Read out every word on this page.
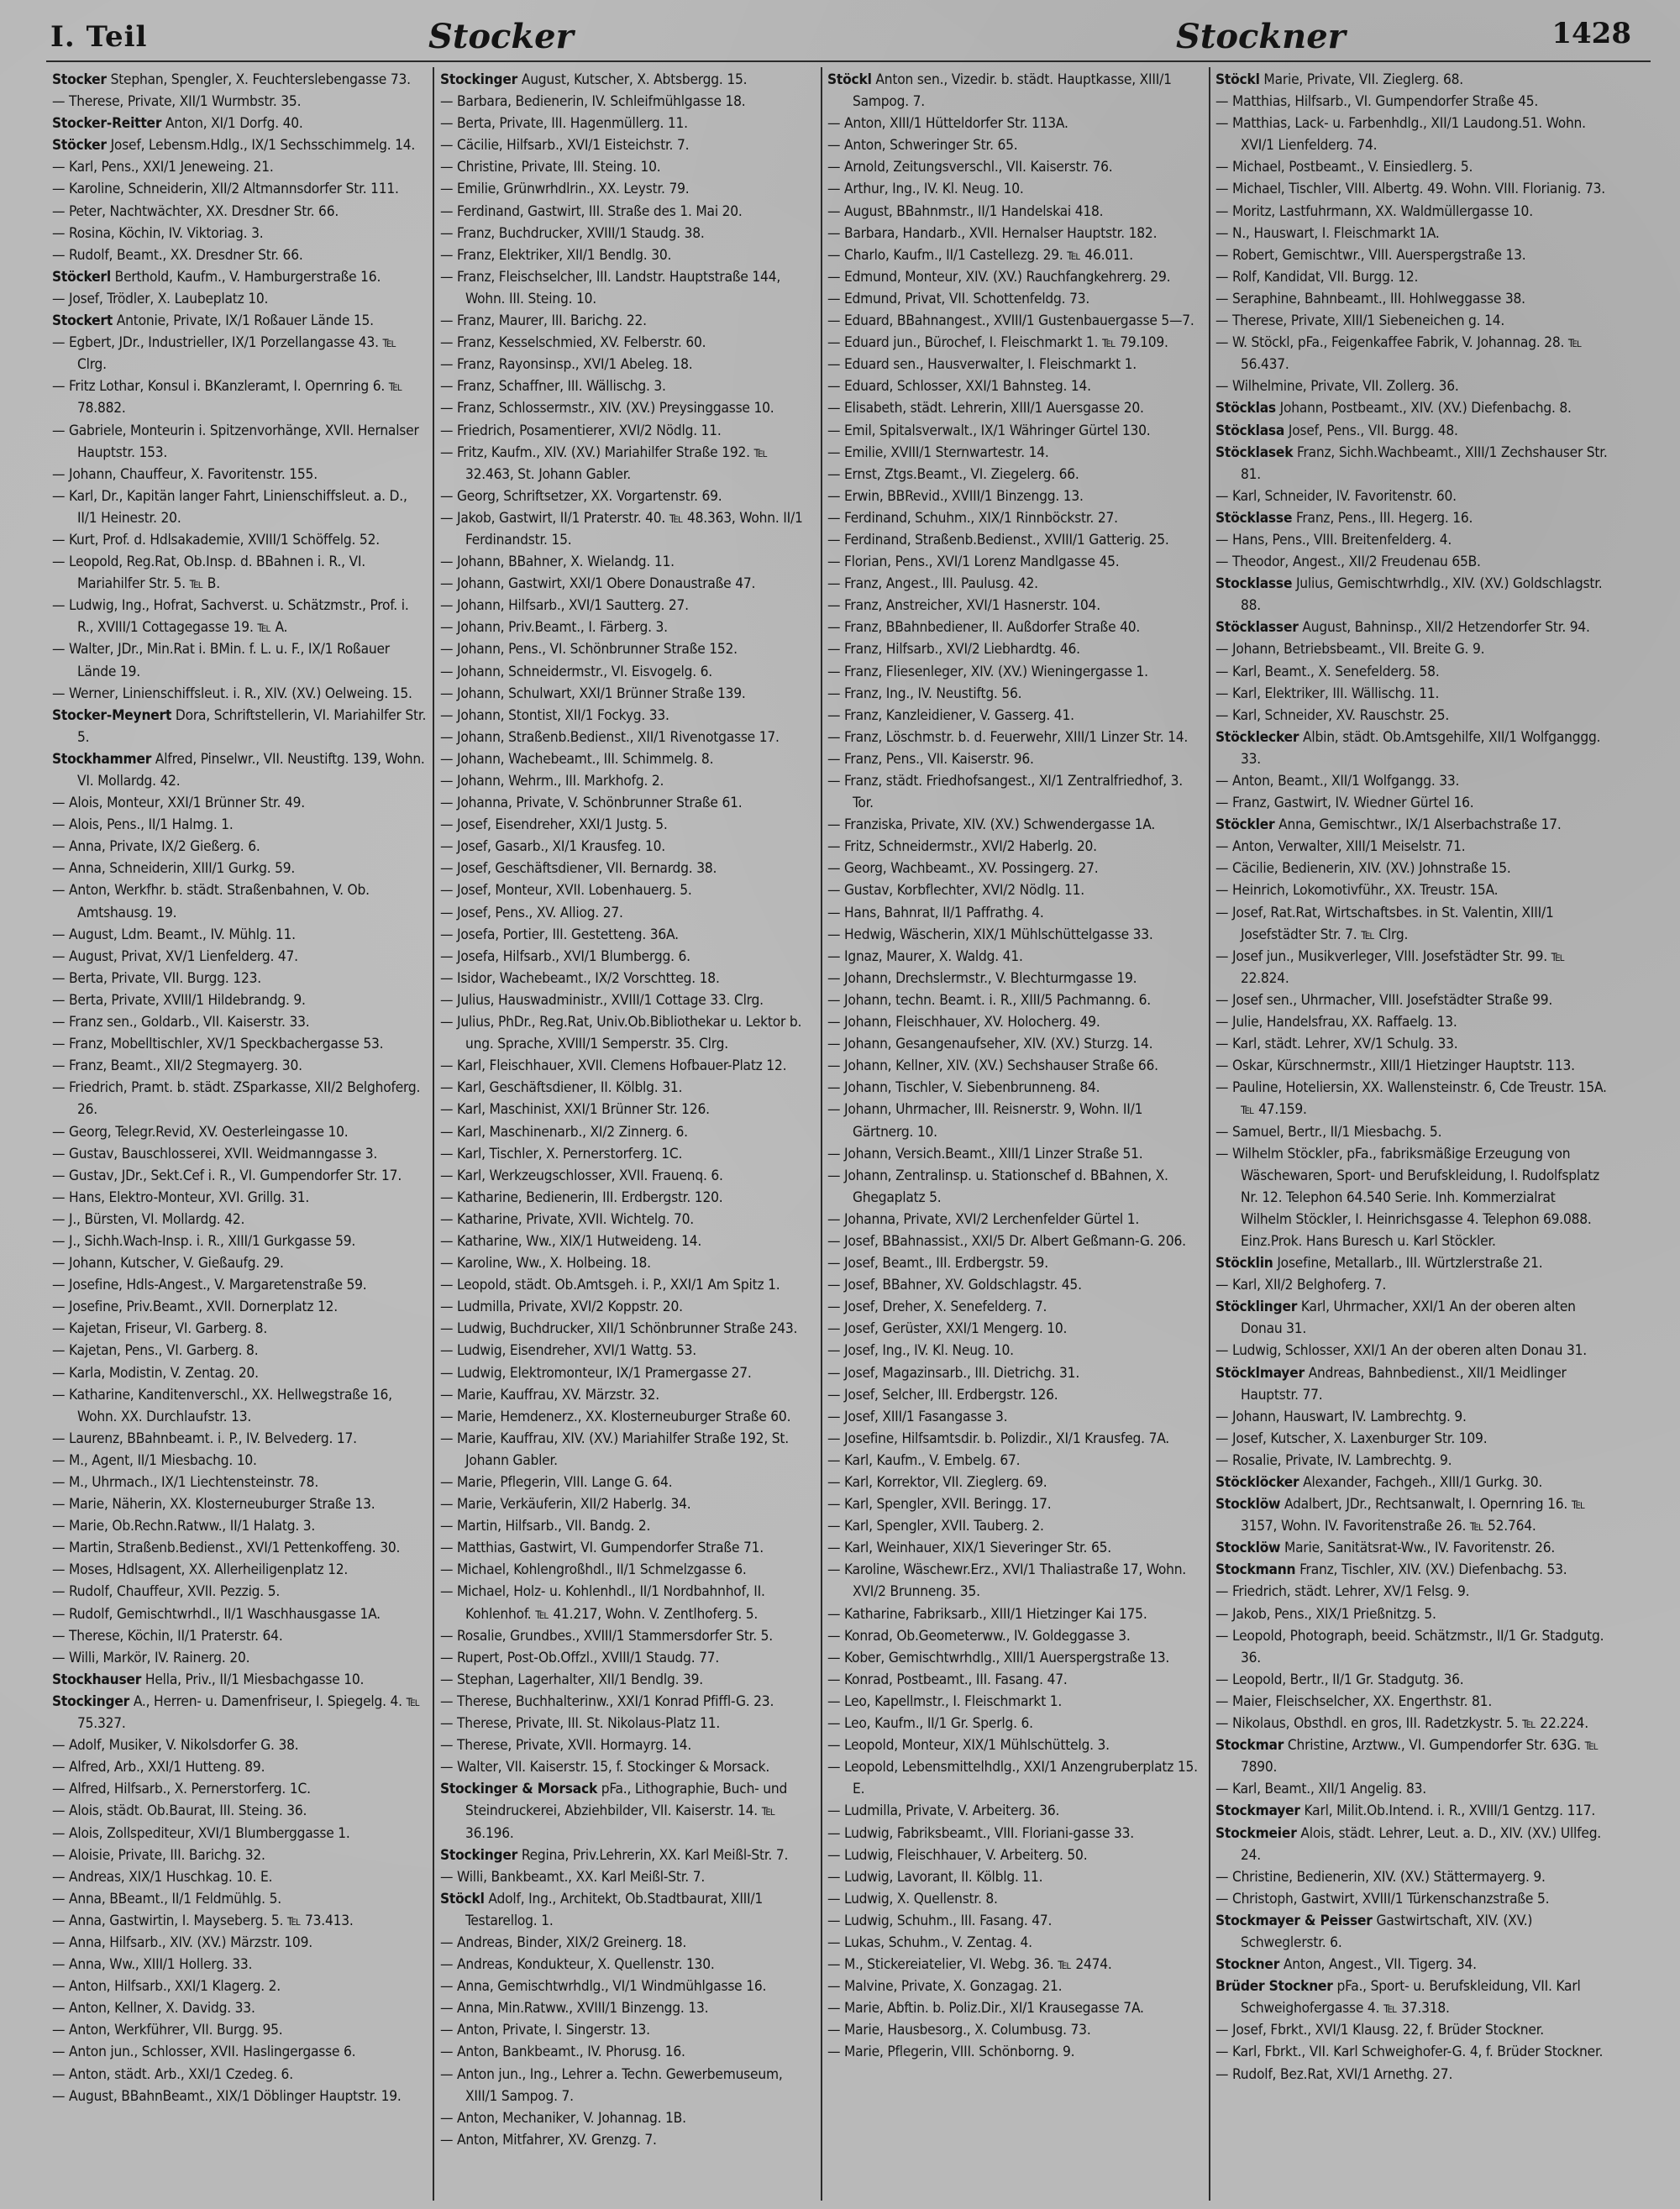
I. Teil	Stocker	Stockner	1428

Stocker Stephan, Spengler, X. Feuchterslebengasse 73.

— Therese, Private, XII/1 Wurmbstr. 35.

Stocker-Reitter Anton, XI/1 Dorfg. 40.

Stöcker Josef, Lebensm.Hdlg., IX/1 Sechsschimmelg. 14.

— Karl, Pens., XXI/1 Jeneweing. 21.

— Karoline, Schneiderin, XII/2 Altmannsdorfer Str. 111.

— Peter, Nachtwächter, XX. Dresdner Str. 66.

— Rosina, Köchin, IV. Viktoriag. 3.

— Rudolf, Beamt., XX. Dresdner Str. 66.

Stöckerl Berthold, Kaufm., V. Hamburgerstraße 16.

— Josef, Trödler, X. Laubeplatz 10.

Stockert Antonie, Private, IX/1 Roßauer Lände 15.

— Egbert, JDr., Industrieller, IX/1 Porzellangasse 43. ℡ Clrg.

— Fritz Lothar, Konsul i. BKanzleramt, I. Opernring 6. ℡ 78.882.

— Gabriele, Monteurin i. Spitzenvorhänge, XVII. Hernalser Hauptstr. 153.

— Johann, Chauffeur, X. Favoritenstr. 155.

— Karl, Dr., Kapitän langer Fahrt, Linienschiffsleut. a. D., II/1 Heinestr. 20.

— Kurt, Prof. d. Hdlsakademie, XVIII/1 Schöffelg. 52.

— Leopold, Reg.Rat, Ob.Insp. d. BBahnen i. R., VI. Mariahilfer Str. 5. ℡ B.

— Ludwig, Ing., Hofrat, Sachverst. u. Schätzmstr., Prof. i. R., XVIII/1 Cottagegasse 19. ℡ A.

— Walter, JDr., Min.Rat i. BMin. f. L. u. F., IX/1 Roßauer Lände 19.

— Werner, Linienschiffsleut. i. R., XIV. (XV.) Oelweing. 15.

Stocker-Meynert Dora, Schriftstellerin, VI. Mariahilfer Str. 5.

Stockhammer Alfred, Pinselwr., VII. Neustiftg. 139, Wohn. VI. Mollardg. 42.

— Alois, Monteur, XXI/1 Brünner Str. 49.

— Alois, Pens., II/1 Halmg. 1.

— Anna, Private, IX/2 Gießerg. 6.

— Anna, Schneiderin, XIII/1 Gurkg. 59.

— Anton, Werkfhr. b. städt. Straßenbahnen, V. Ob. Amtshausg. 19.

— August, Ldm. Beamt., IV. Mühlg. 11.

— August, Privat, XV/1 Lienfelderg. 47.

— Berta, Private, VII. Burgg. 123.

— Berta, Private, XVIII/1 Hildebrandg. 9.

— Franz sen., Goldarb., VII. Kaiserstr. 33.

— Franz, Mobelltischler, XV/1 Speckbachergasse 53.

— Franz, Beamt., XII/2 Stegmayerg. 30.

— Friedrich, Pramt. b. städt. ZSparkasse, XII/2 Belghoferg. 26.

— Georg, Telegr.Revid, XV. Oesterleingasse 10.

— Gustav, Bauschlosserei, XVII. Weidmanngasse 3.

— Gustav, JDr., Sekt.Cef i. R., VI. Gumpendorfer Str. 17.

— Hans, Elektro-Monteur, XVI. Grillg. 31.

— J., Bürsten, VI. Mollardg. 42.

— J., Sichh.Wach-Insp. i. R., XIII/1 Gurkgasse 59.

— Johann, Kutscher, V. Gießaufg. 29.

— Josefine, Hdls-Angest., V. Margaretenstraße 59.

— Josefine, Priv.Beamt., XVII. Dornerplatz 12.

— Kajetan, Friseur, VI. Garberg. 8.

— Kajetan, Pens., VI. Garberg. 8.

— Karla, Modistin, V. Zentag. 20.

— Katharine, Kanditenverschl., XX. Hellwegstraße 16, Wohn. XX. Durchlaufstr. 13.

— Laurenz, BBahnbeamt. i. P., IV. Belvederg. 17.

— M., Agent, II/1 Miesbachg. 10.

— M., Uhrmach., IX/1 Liechtensteinstr. 78.

— Marie, Näherin, XX. Klosterneuburger Straße 13.

— Marie, Ob.Rechn.Ratww., II/1 Halatg. 3.

— Martin, Straßenb.Bedienst., XVI/1 Pettenkoffeng. 30.

— Moses, Hdlsagent, XX. Allerheiligenplatz 12.

— Rudolf, Chauffeur, XVII. Pezzig. 5.

— Rudolf, Gemischtwrhdl., II/1 Waschhausgasse 1A.

— Therese, Köchin, II/1 Praterstr. 64.

— Willi, Markör, IV. Rainerg. 20.

Stockhauser Hella, Priv., II/1 Miesbachgasse 10.

Stockinger A., Herren- u. Damenfriseur, I. Spiegelg. 4. ℡ 75.327.

— Adolf, Musiker, V. Nikolsdorfer G. 38.

— Alfred, Arb., XXI/1 Hutteng. 89.

— Alfred, Hilfsarb., X. Pernerstorferg. 1C.

— Alois, städt. Ob.Baurat, III. Steing. 36.

— Alois, Zollspediteur, XVI/1 Blumberggasse 1.

— Aloisie, Private, III. Barichg. 32.

— Andreas, XIX/1 Huschkag. 10. E.

— Anna, BBeamt., II/1 Feldmühlg. 5.

— Anna, Gastwirtin, I. Mayseberg. 5. ℡ 73.413.

— Anna, Hilfsarb., XIV. (XV.) Märzstr. 109.

— Anna, Ww., XIII/1 Hollerg. 33.

— Anton, Hilfsarb., XXI/1 Klagerg. 2.

— Anton, Kellner, X. Davidg. 33.

— Anton, Werkführer, VII. Burgg. 95.

— Anton jun., Schlosser, XVII. Haslingergasse 6.

— Anton, städt. Arb., XXI/1 Czedeg. 6.

— August, BBahnBeamt., XIX/1 Döblinger Hauptstr. 19.

Stockinger August, Kutscher, X. Abtsbergg. 15.

— Barbara, Bedienerin, IV. Schleifmühlgasse 18.

— Berta, Private, III. Hagenmüllerg. 11.

— Cäcilie, Hilfsarb., XVI/1 Eisteichstr. 7.

— Christine, Private, III. Steing. 10.

— Emilie, Grünwrhdlrin., XX. Leystr. 79.

— Ferdinand, Gastwirt, III. Straße des 1. Mai 20.

— Franz, Buchdrucker, XVIII/1 Staudg. 38.

— Franz, Elektriker, XII/1 Bendlg. 30.

— Franz, Fleischselcher, III. Landstr. Hauptstraße 144, Wohn. III. Steing. 10.

— Franz, Maurer, III. Barichg. 22.

— Franz, Kesselschmied, XV. Felberstr. 60.

— Franz, Rayonsinsp., XVI/1 Abeleg. 18.

— Franz, Schaffner, III. Wällischg. 3.

— Franz, Schlossermstr., XIV. (XV.) Preysinggasse 10.

— Friedrich, Posamentierer, XVI/2 Nödlg. 11.

— Fritz, Kaufm., XIV. (XV.) Mariahilfer Straße 192. ℡ 32.463, St. Johann Gabler.

— Georg, Schriftsetzer, XX. Vorgartenstr. 69.

— Jakob, Gastwirt, II/1 Praterstr. 40. ℡ 48.363, Wohn. II/1 Ferdinandstr. 15.

— Johann, BBahner, X. Wielandg. 11.

— Johann, Gastwirt, XXI/1 Obere Donaustraße 47.

— Johann, Hilfsarb., XVI/1 Sautterg. 27.

— Johann, Priv.Beamt., I. Färberg. 3.

— Johann, Pens., VI. Schönbrunner Straße 152.

— Johann, Schneidermstr., VI. Eisvogelg. 6.

— Johann, Schulwart, XXI/1 Brünner Straße 139.

— Johann, Stontist, XII/1 Fockyg. 33.

— Johann, Straßenb.Bedienst., XII/1 Rivenotgasse 17.

— Johann, Wachebeamt., III. Schimmelg. 8.

— Johann, Wehrm., III. Markhofg. 2.

— Johanna, Private, V. Schönbrunner Straße 61.

— Josef, Eisendreher, XXI/1 Justg. 5.

— Josef, Gasarb., XI/1 Krausfeg. 10.

— Josef, Geschäftsdiener, VII. Bernardg. 38.

— Josef, Monteur, XVII. Lobenhauerg. 5.

— Josef, Pens., XV. Alliog. 27.

— Josefa, Portier, III. Gestetteng. 36A.

— Josefa, Hilfsarb., XVI/1 Blumbergg. 6.

— Isidor, Wachebeamt., IX/2 Vorschtteg. 18.

— Julius, Hauswadministr., XVIII/1 Cottage 33. Clrg.

— Julius, PhDr., Reg.Rat, Univ.Ob.Bibliothekar u. Lektor b. ung. Sprache, XVIII/1 Semperstr. 35. Clrg.

— Karl, Fleischhauer, XVII. Clemens Hofbauer-Platz 12.

— Karl, Geschäftsdiener, II. Kölblg. 31.

— Karl, Maschinist, XXI/1 Brünner Str. 126.

— Karl, Maschinenarb., XI/2 Zinnerg. 6.

— Karl, Tischler, X. Pernerstorferg. 1C.

— Karl, Werkzeugschlosser, XVII. Frauenq. 6.

— Katharine, Bedienerin, III. Erdbergstr. 120.

— Katharine, Private, XVII. Wichtelg. 70.

— Katharine, Ww., XIX/1 Hutweideng. 14.

— Karoline, Ww., X. Holbeing. 18.

— Leopold, städt. Ob.Amtsgeh. i. P., XXI/1 Am Spitz 1.

— Ludmilla, Private, XVI/2 Koppstr. 20.

— Ludwig, Buchdrucker, XII/1 Schönbrunner Straße 243.

— Ludwig, Eisendreher, XVI/1 Wattg. 53.

— Ludwig, Elektromonteur, IX/1 Pramergasse 27.

— Marie, Kauffrau, XV. Märzstr. 32.

— Marie, Hemdenerz., XX. Klosterneuburger Straße 60.

— Marie, Kauffrau, XIV. (XV.) Mariahilfer Straße 192, St. Johann Gabler.

— Marie, Pflegerin, VIII. Lange G. 64.

— Marie, Verkäuferin, XII/2 Haberlg. 34.

— Martin, Hilfsarb., VII. Bandg. 2.

— Matthias, Gastwirt, VI. Gumpendorfer Straße 71.

— Michael, Kohlengroßhdl., II/1 Schmelzgasse 6.

— Michael, Holz- u. Kohlenhdl., II/1 Nordbahnhof, II. Kohlenhof. ℡ 41.217, Wohn. V. Zentlhoferg. 5.

— Rosalie, Grundbes., XVIII/1 Stammersdorfer Str. 5.

— Rupert, Post-Ob.Offzl., XVIII/1 Staudg. 77.

— Stephan, Lagerhalter, XII/1 Bendlg. 39.

— Therese, Buchhalterinw., XXI/1 Konrad Pfiffl-G. 23.

— Therese, Private, III. St. Nikolaus-Platz 11.

— Therese, Private, XVII. Hormayrg. 14.

— Walter, VII. Kaiserstr. 15, f. Stockinger & Morsack.

Stockinger & Morsack pFa., Lithographie, Buch- und Steindruckerei, Abziehbilder, VII. Kaiserstr. 14. ℡ 36.196.

Stockinger Regina, Priv.Lehrerin, XX. Karl Meißl-Str. 7.

— Willi, Bankbeamt., XX. Karl Meißl-Str. 7.

Stöckl Adolf, Ing., Architekt, Ob.Stadtbaurat, XIII/1 Testarellog. 1.

— Andreas, Binder, XIX/2 Greinerg. 18.

— Andreas, Kondukteur, X. Quellenstr. 130.

— Anna, Gemischtwrhdlg., VI/1 Windmühlgasse 16.

— Anna, Min.Ratww., XVIII/1 Binzengg. 13.

— Anton, Private, I. Singerstr. 13.

— Anton, Bankbeamt., IV. Phorusg. 16.

— Anton jun., Ing., Lehrer a. Techn. Gewerbemuseum, XIII/1 Sampog. 7.

— Anton, Mechaniker, V. Johannag. 1B.

— Anton, Mitfahrer, XV. Grenzg. 7.

Stöckl Anton sen., Vizedir. b. städt. Hauptkasse, XIII/1 Sampog. 7.

— Anton, XIII/1 Hütteldorfer Str. 113A.

— Anton, Schweringer Str. 65.

— Arnold, Zeitungsverschl., VII. Kaiserstr. 76.

— Arthur, Ing., IV. Kl. Neug. 10.

— August, BBahnmstr., II/1 Handelskai 418.

— Barbara, Handarb., XVII. Hernalser Hauptstr. 182.

— Charlo, Kaufm., II/1 Castellezg. 29. ℡ 46.011.

— Edmund, Monteur, XIV. (XV.) Rauchfangkehrerg. 29.

— Edmund, Privat, VII. Schottenfeldg. 73.

— Eduard, BBahnangest., XVIII/1 Gustenbauergasse 5—7.

— Eduard jun., Bürochef, I. Fleischmarkt 1. ℡ 79.109.

— Eduard sen., Hausverwalter, I. Fleischmarkt 1.

— Eduard, Schlosser, XXI/1 Bahnsteg. 14.

— Elisabeth, städt. Lehrerin, XIII/1 Auersgasse 20.

— Emil, Spitalsverwalt., IX/1 Währinger Gürtel 130.

— Emilie, XVIII/1 Sternwartestr. 14.

— Ernst, Ztgs.Beamt., VI. Ziegelerg. 66.

— Erwin, BBRevid., XVIII/1 Binzengg. 13.

— Ferdinand, Schuhm., XIX/1 Rinnböckstr. 27.

— Ferdinand, Straßenb.Bedienst., XVIII/1 Gatterig. 25.

— Florian, Pens., XVI/1 Lorenz Mandlgasse 45.

— Franz, Angest., III. Paulusg. 42.

— Franz, Anstreicher, XVI/1 Hasnerstr. 104.

— Franz, BBahnbediener, II. Außdorfer Straße 40.

— Franz, Hilfsarb., XVI/2 Liebhardtg. 46.

— Franz, Fliesenleger, XIV. (XV.) Wieningergasse 1.

— Franz, Ing., IV. Neustiftg. 56.

— Franz, Kanzleidiener, V. Gasserg. 41.

— Franz, Löschmstr. b. d. Feuerwehr, XIII/1 Linzer Str. 14.

— Franz, Pens., VII. Kaiserstr. 96.

— Franz, städt. Friedhofsangest., XI/1 Zentralfriedhof, 3. Tor.

— Franziska, Private, XIV. (XV.) Schwendergasse 1A.

— Fritz, Schneidermstr., XVI/2 Haberlg. 20.

— Georg, Wachbeamt., XV. Possingerg. 27.

— Gustav, Korbflechter, XVI/2 Nödlg. 11.

— Hans, Bahnrat, II/1 Paffrathg. 4.

— Hedwig, Wäscherin, XIX/1 Mühlschüttelgasse 33.

— Ignaz, Maurer, X. Waldg. 41.

— Johann, Drechslermstr., V. Blechturmgasse 19.

— Johann, techn. Beamt. i. R., XIII/5 Pachmanng. 6.

— Johann, Fleischhauer, XV. Holocherg. 49.

— Johann, Gesangenaufseher, XIV. (XV.) Sturzg. 14.

— Johann, Kellner, XIV. (XV.) Sechshauser Straße 66.

— Johann, Tischler, V. Siebenbrunneng. 84.

— Johann, Uhrmacher, III. Reisnerstr. 9, Wohn. II/1 Gärtnerg. 10.

— Johann, Versich.Beamt., XIII/1 Linzer Straße 51.

— Johann, Zentralinsp. u. Stationschef d. BBahnen, X. Ghegaplatz 5.

— Johanna, Private, XVI/2 Lerchenfelder Gürtel 1.

— Josef, BBahnassist., XXI/5 Dr. Albert Geßmann-G. 206.

— Josef, Beamt., III. Erdbergstr. 59.

— Josef, BBahner, XV. Goldschlagstr. 45.

— Josef, Dreher, X. Senefelderg. 7.

— Josef, Gerüster, XXI/1 Mengerg. 10.

— Josef, Ing., IV. Kl. Neug. 10.

— Josef, Magazinsarb., III. Dietrichg. 31.

— Josef, Selcher, III. Erdbergstr. 126.

— Josef, XIII/1 Fasangasse 3.

— Josefine, Hilfsamtsdir. b. Polizdir., XI/1 Krausfeg. 7A.

— Karl, Kaufm., V. Embelg. 67.

— Karl, Korrektor, VII. Zieglerg. 69.

— Karl, Spengler, XVII. Beringg. 17.

— Karl, Spengler, XVII. Tauberg. 2.

— Karl, Weinhauer, XIX/1 Sieveringer Str. 65.

— Karoline, Wäschewr.Erz., XVI/1 Thaliastraße 17, Wohn. XVI/2 Brunneng. 35.

— Katharine, Fabriksarb., XIII/1 Hietzinger Kai 175.

— Konrad, Ob.Geometerww., IV. Goldeggasse 3.

— Kober, Gemischtwrhdlg., XIII/1 Auerspergstraße 13.

— Konrad, Postbeamt., III. Fasang. 47.

— Leo, Kapellmstr., I. Fleischmarkt 1.

— Leo, Kaufm., II/1 Gr. Sperlg. 6.

— Leopold, Monteur, XIX/1 Mühlschüttelg. 3.

— Leopold, Lebensmittelhdlg., XXI/1 Anzengruberplatz 15. E.

— Ludmilla, Private, V. Arbeiterg. 36.

— Ludwig, Fabriksbeamt., VIII. Floriani-gasse 33.

— Ludwig, Fleischhauer, V. Arbeiterg. 50.

— Ludwig, Lavorant, II. Kölblg. 11.

— Ludwig, X. Quellenstr. 8.

— Ludwig, Schuhm., III. Fasang. 47.

— Lukas, Schuhm., V. Zentag. 4.

— M., Stickereiatelier, VI. Webg. 36. ℡ 2474.

— Malvine, Private, X. Gonzagag. 21.

— Marie, Abftin. b. Poliz.Dir., XI/1 Krausegasse 7A.

— Marie, Hausbesorg., X. Columbusg. 73.

— Marie, Pflegerin, VIII. Schönborng. 9.

Stöckl Marie, Private, VII. Zieglerg. 68.

— Matthias, Hilfsarb., VI. Gumpendorfer Straße 45.

— Matthias, Lack- u. Farbenhdlg., XII/1 Laudong.51. Wohn. XVI/1 Lienfelderg. 74.

— Michael, Postbeamt., V. Einsiedlerg. 5.

— Michael, Tischler, VIII. Albertg. 49. Wohn. VIII. Florianig. 73.

— Moritz, Lastfuhrmann, XX. Waldmüllergasse 10.

— N., Hauswart, I. Fleischmarkt 1A.

— Robert, Gemischtwr., VIII. Auerspergstraße 13.

— Rolf, Kandidat, VII. Burgg. 12.

— Seraphine, Bahnbeamt., III. Hohlweggasse 38.

— Therese, Private, XIII/1 Siebeneichen g. 14.

— W. Stöckl, pFa., Feigenkaffee Fabrik, V. Johannag. 28. ℡ 56.437.

— Wilhelmine, Private, VII. Zollerg. 36.

Stöcklas Johann, Postbeamt., XIV. (XV.) Diefenbachg. 8.

Stöcklasa Josef, Pens., VII. Burgg. 48.

Stöcklasek Franz, Sichh.Wachbeamt., XIII/1 Zechshauser Str. 81.

— Karl, Schneider, IV. Favoritenstr. 60.

Stöcklasse Franz, Pens., III. Hegerg. 16.

— Hans, Pens., VIII. Breitenfelderg. 4.

— Theodor, Angest., XII/2 Freudenau 65B.

Stocklasse Julius, Gemischtwrhdlg., XIV. (XV.) Goldschlagstr. 88.

Stöcklasser August, Bahninsp., XII/2 Hetzendorfer Str. 94.

— Johann, Betriebsbeamt., VII. Breite G. 9.

— Karl, Beamt., X. Senefelderg. 58.

— Karl, Elektriker, III. Wällischg. 11.

— Karl, Schneider, XV. Rauschstr. 25.

Stöcklecker Albin, städt. Ob.Amtsgehilfe, XII/1 Wolfganggg. 33.

— Anton, Beamt., XII/1 Wolfgangg. 33.

— Franz, Gastwirt, IV. Wiedner Gürtel 16.

Stöckler Anna, Gemischtwr., IX/1 Alserbachstraße 17.

— Anton, Verwalter, XIII/1 Meiselstr. 71.

— Cäcilie, Bedienerin, XIV. (XV.) Johnstraße 15.

— Heinrich, Lokomotivführ., XX. Treustr. 15A.

— Josef, Rat.Rat, Wirtschaftsbes. in St. Valentin, XIII/1 Josefstädter Str. 7. ℡ Clrg.

— Josef jun., Musikverleger, VIII. Josefstädter Str. 99. ℡ 22.824.

— Josef sen., Uhrmacher, VIII. Josefstädter Straße 99.

— Julie, Handelsfrau, XX. Raffaelg. 13.

— Karl, städt. Lehrer, XV/1 Schulg. 33.

— Oskar, Kürschnermstr., XIII/1 Hietzinger Hauptstr. 113.

— Pauline, Hoteliersin, XX. Wallensteinstr. 6, Cde Treustr. 15A. ℡ 47.159.

— Samuel, Bertr., II/1 Miesbachg. 5.

— Wilhelm Stöckler, pFa., fabriksmäßige Erzeugung von Wäschewaren, Sport- und Berufskleidung, I. Rudolfsplatz Nr. 12. Telephon 64.540 Serie. Inh. Kommerzialrat Wilhelm Stöckler, I. Heinrichsgasse 4. Telephon 69.088. Einz.Prok. Hans Buresch u. Karl Stöckler.

Stöcklin Josefine, Metallarb., III. Würtzlerstraße 21.

— Karl, XII/2 Belghoferg. 7.

Stöcklinger Karl, Uhrmacher, XXI/1 An der oberen alten Donau 31.

— Ludwig, Schlosser, XXI/1 An der oberen alten Donau 31.

Stöcklmayer Andreas, Bahnbedienst., XII/1 Meidlinger Hauptstr. 77.

— Johann, Hauswart, IV. Lambrechtg. 9.

— Josef, Kutscher, X. Laxenburger Str. 109.

— Rosalie, Private, IV. Lambrechtg. 9.

Stöcklöcker Alexander, Fachgeh., XIII/1 Gurkg. 30.

Stocklöw Adalbert, JDr., Rechtsanwalt, I. Opernring 16. ℡ 3157, Wohn. IV. Favoritenstraße 26. ℡ 52.764.

Stocklöw Marie, Sanitätsrat-Ww., IV. Favoritenstr. 26.

Stockmann Franz, Tischler, XIV. (XV.) Diefenbachg. 53.

— Friedrich, städt. Lehrer, XV/1 Felsg. 9.

— Jakob, Pens., XIX/1 Prießnitzg. 5.

— Leopold, Photograph, beeid. Schätzmstr., II/1 Gr. Stadgutg. 36.

— Leopold, Bertr., II/1 Gr. Stadgutg. 36.

— Maier, Fleischselcher, XX. Engerthstr. 81.

— Nikolaus, Obsthdl. en gros, III. Radetzkystr. 5. ℡ 22.224.

Stockmar Christine, Arztww., VI. Gumpendorfer Str. 63G. ℡ 7890.

— Karl, Beamt., XII/1 Angelig. 83.

Stockmayer Karl, Milit.Ob.Intend. i. R., XVIII/1 Gentzg. 117.

Stockmeier Alois, städt. Lehrer, Leut. a. D., XIV. (XV.) Ullfeg. 24.

— Christine, Bedienerin, XIV. (XV.) Stättermayerg. 9.

— Christoph, Gastwirt, XVIII/1 Türkenschanzstraße 5.

Stockmayer & Peisser Gastwirtschaft, XIV. (XV.) Schweglerstr. 6.

Stockner Anton, Angest., VII. Tigerg. 34.

Brüder Stockner pFa., Sport- u. Berufskleidung, VII. Karl Schweighofergasse 4. ℡ 37.318.

— Josef, Fbrkt., XVI/1 Klausg. 22, f. Brüder Stockner.

— Karl, Fbrkt., VII. Karl Schweighofer-G. 4, f. Brüder Stockner.

— Rudolf, Bez.Rat, XVI/1 Arnethg. 27.
